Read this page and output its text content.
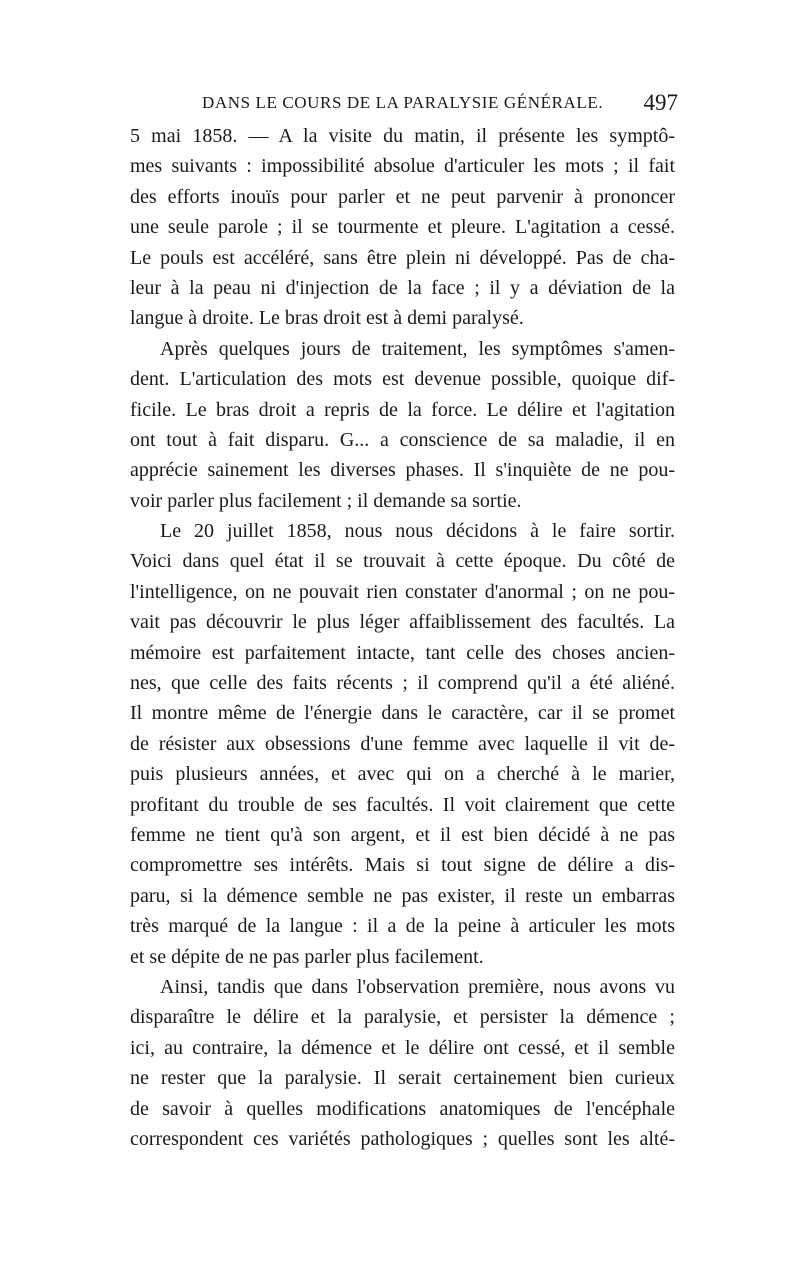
DANS LE COURS DE LA PARALYSIE GÉNÉRALE. 497
5 mai 1858. — A la visite du matin, il présente les symptô-
mes suivants : impossibilité absolue d'articuler les mots ; il fait
des efforts inouïs pour parler et ne peut parvenir à prononcer
une seule parole ; il se tourmente et pleure. L'agitation a cessé.
Le pouls est accéléré, sans être plein ni développé. Pas de cha-
leur à la peau ni d'injection de la face ; il y a déviation de la
langue à droite. Le bras droit est à demi paralysé.
Après quelques jours de traitement, les symptômes s'amen-
dent. L'articulation des mots est devenue possible, quoique dif-
ficile. Le bras droit a repris de la force. Le délire et l'agitation
ont tout à fait disparu. G... a conscience de sa maladie, il en
apprécie sainement les diverses phases. Il s'inquiète de ne pou-
voir parler plus facilement ; il demande sa sortie.
Le 20 juillet 1858, nous nous décidons à le faire sortir.
Voici dans quel état il se trouvait à cette époque. Du côté de
l'intelligence, on ne pouvait rien constater d'anormal ; on ne pou-
vait pas découvrir le plus léger affaiblissement des facultés. La
mémoire est parfaitement intacte, tant celle des choses ancien-
nes, que celle des faits récents ; il comprend qu'il a été aliéné.
Il montre même de l'énergie dans le caractère, car il se promet
de résister aux obsessions d'une femme avec laquelle il vit de-
puis plusieurs années, et avec qui on a cherché à le marier,
profitant du trouble de ses facultés. Il voit clairement que cette
femme ne tient qu'à son argent, et il est bien décidé à ne pas
compromettre ses intérêts. Mais si tout signe de délire a dis-
paru, si la démence semble ne pas exister, il reste un embarras
très marqué de la langue : il a de la peine à articuler les mots
et se dépite de ne pas parler plus facilement.
Ainsi, tandis que dans l'observation première, nous avons vu
disparaître le délire et la paralysie, et persister la démence ;
ici, au contraire, la démence et le délire ont cessé, et il semble
ne rester que la paralysie. Il serait certainement bien curieux
de savoir à quelles modifications anatomiques de l'encéphale
correspondent ces variétés pathologiques ; quelles sont les alté-
